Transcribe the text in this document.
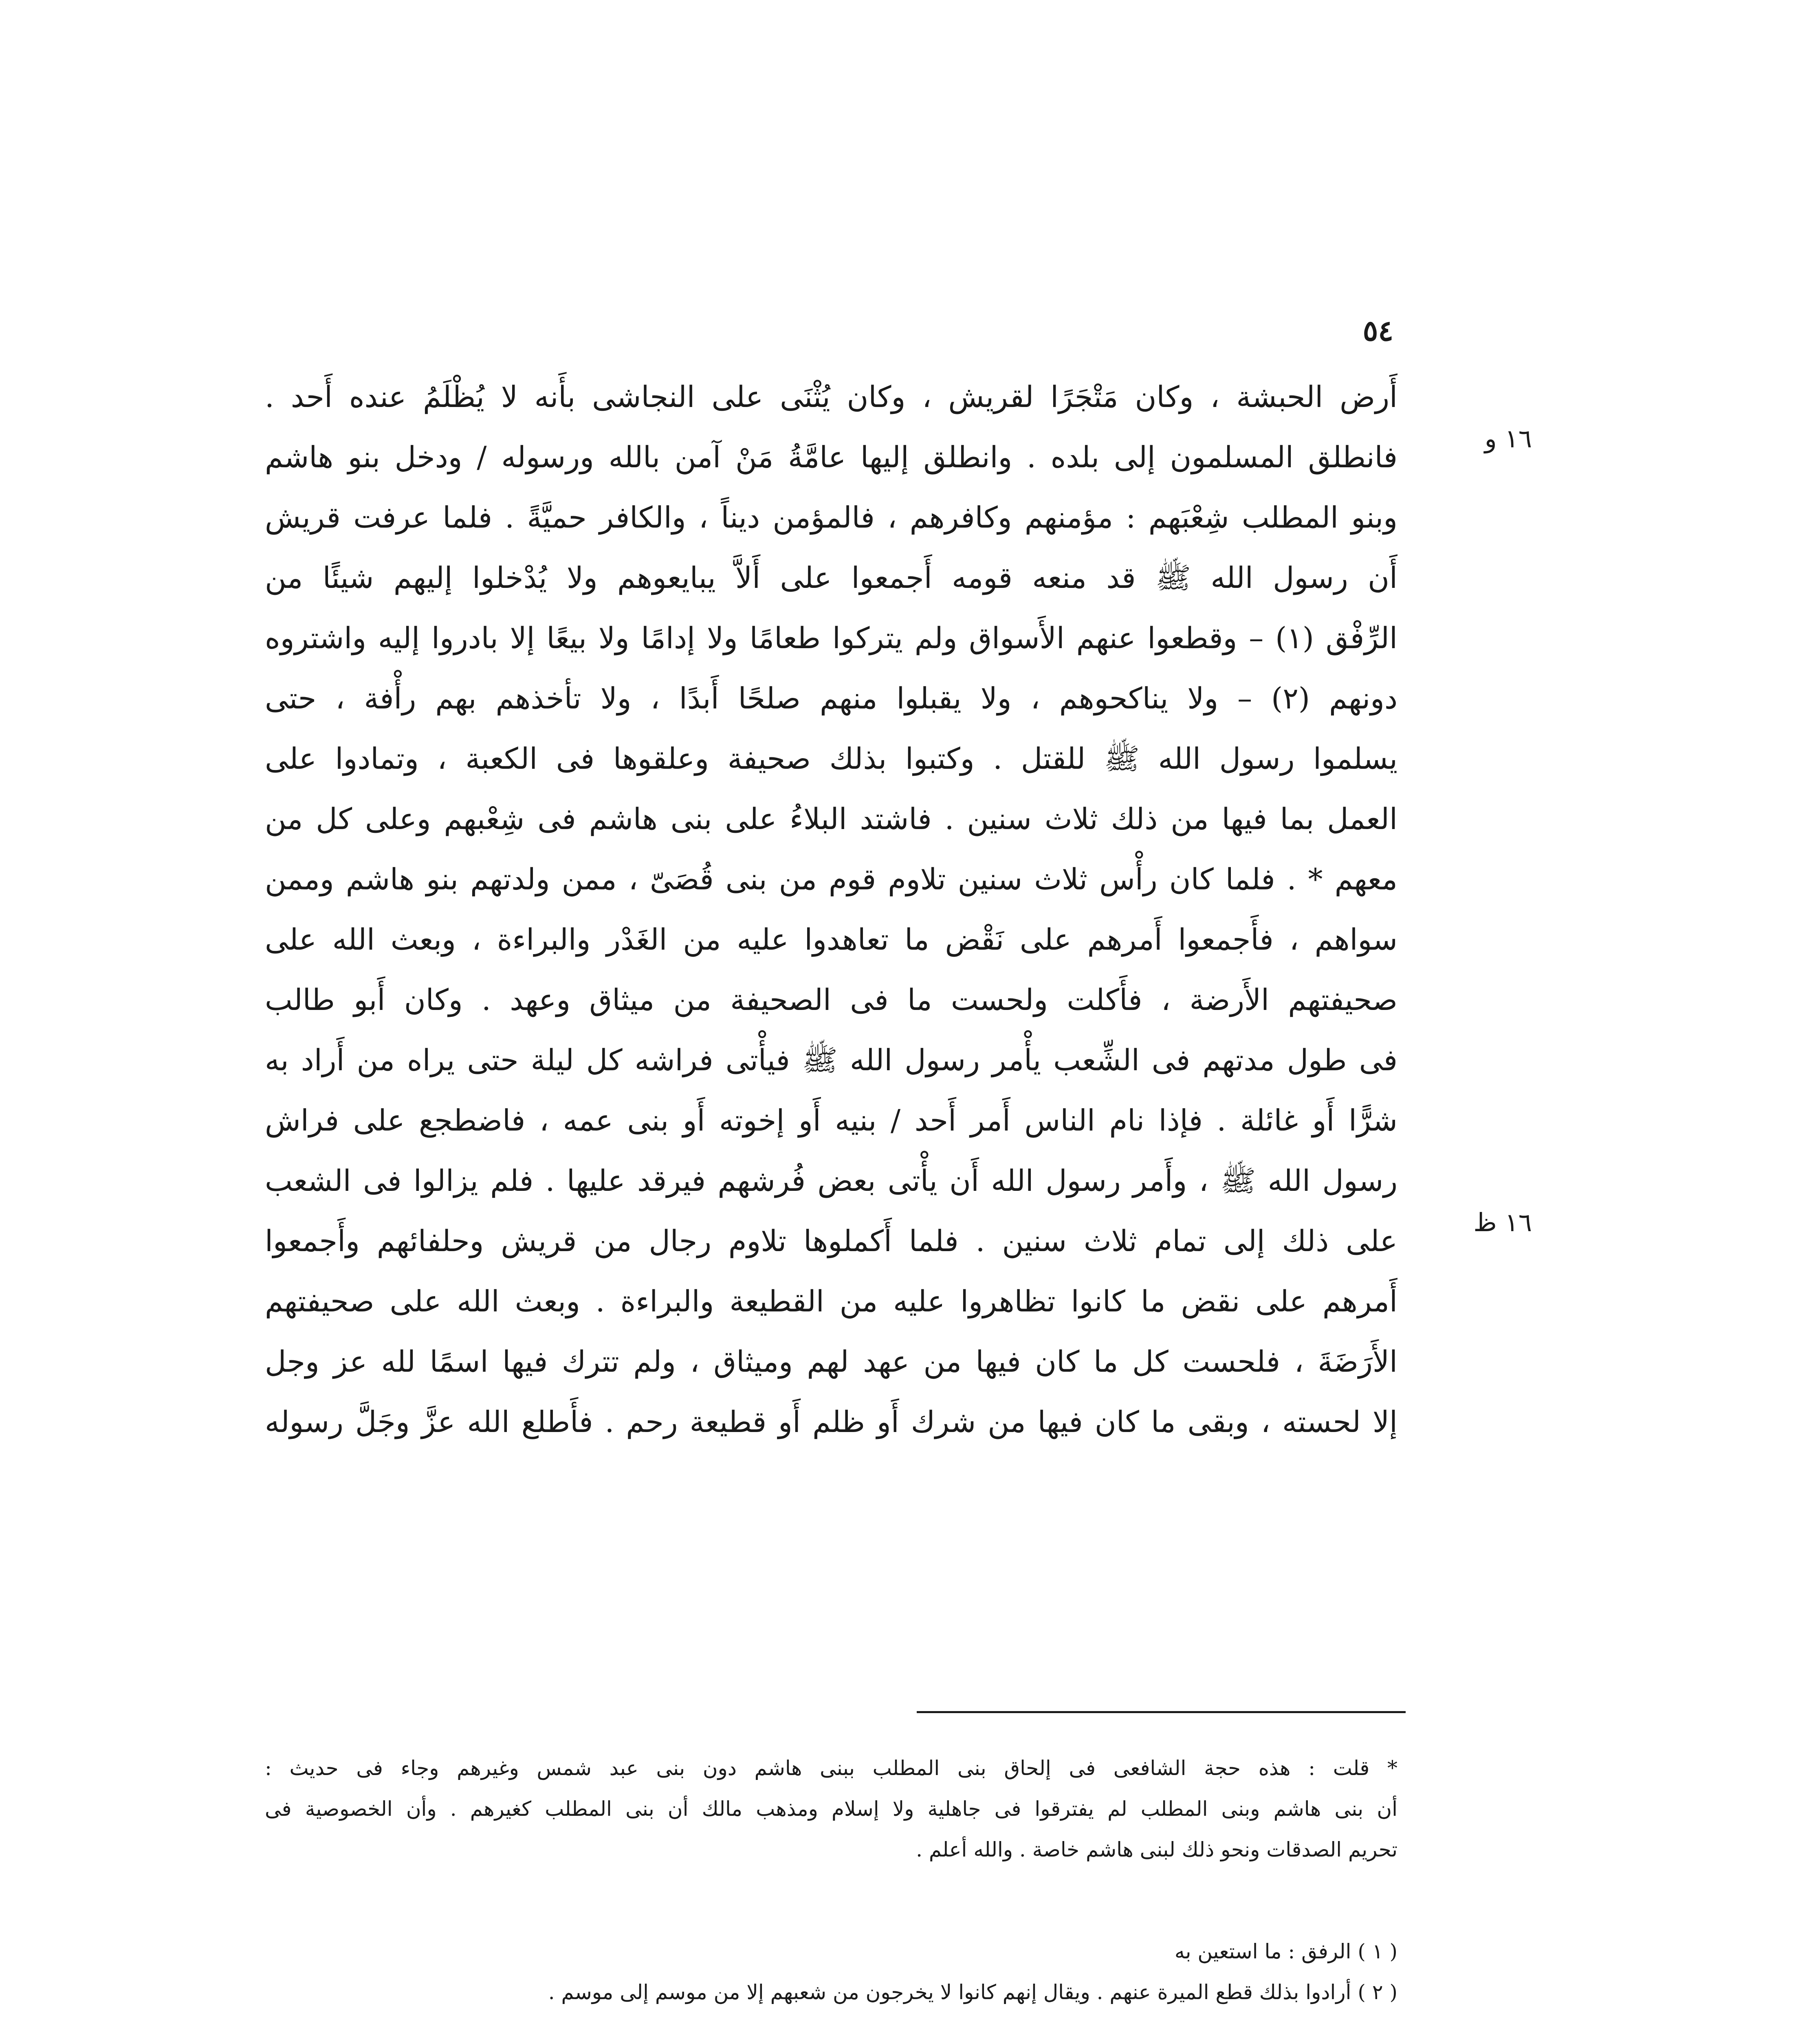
٥٤
١٦ و
١٦ ظ
أَرض الحبشة ، وكان مَتْجَرًا لقريش ، وكان يُثْنَى على النجاشى بأَنه لا يُظْلَمُ عنده أَحد .
فانطلق المسلمون إلى بلده . وانطلق إليها عامَّةُ مَنْ آمن بالله ورسوله / ودخل بنو هاشم
وبنو المطلب شِعْبَهم : مؤمنهم وكافرهم ، فالمؤمن ديناً ، والكافر حميَّةً . فلما عرفت قريش
أَن رسول الله ﷺ قد منعه قومه أَجمعوا على أَلاَّ يبايعوهم ولا يُدْخلوا إليهم شيئًا من
الرِّفْق (١) – وقطعوا عنهم الأَسواق ولم يتركوا طعامًا ولا إدامًا ولا بيعًا إلا بادروا إليه واشتروه
دونهم (٢) – ولا يناكحوهم ، ولا يقبلوا منهم صلحًا أَبدًا ، ولا تأخذهم بهم رأْفة ، حتى
يسلموا رسول الله ﷺ للقتل . وكتبوا بذلك صحيفة وعلقوها فى الكعبة ، وتمادوا على
العمل بما فيها من ذلك ثلاث سنين . فاشتد البلاءُ على بنى هاشم فى شِعْبهم وعلى كل من
معهم * . فلما كان رأْس ثلاث سنين تلاوم قوم من بنى قُصَىّ ، ممن ولدتهم بنو هاشم وممن
سواهم ، فأَجمعوا أَمرهم على نَقْض ما تعاهدوا عليه من الغَدْر والبراءة ، وبعث الله على
صحيفتهم الأَرضة ، فأَكلت ولحست ما فى الصحيفة من ميثاق وعهد . وكان أَبو طالب
فى طول مدتهم فى الشِّعب يأْمر رسول الله ﷺ فيأْتى فراشه كل ليلة حتى يراه من أَراد به
شرًّا أَو غائلة . فإذا نام الناس أَمر أَحد / بنيه أَو إخوته أَو بنى عمه ، فاضطجع على فراش
رسول الله ﷺ ، وأَمر رسول الله أَن يأْتى بعض فُرشهم فيرقد عليها . فلم يزالوا فى الشعب
على ذلك إلى تمام ثلاث سنين . فلما أَكملوها تلاوم رجال من قريش وحلفائهم وأَجمعوا
أَمرهم على نقض ما كانوا تظاهروا عليه من القطيعة والبراءة . وبعث الله على صحيفتهم
الأَرَضَةَ ، فلحست كل ما كان فيها من عهد لهم وميثاق ، ولم تترك فيها اسمًا لله عز وجل
إلا لحسته ، وبقى ما كان فيها من شرك أَو ظلم أَو قطيعة رحم . فأَطلع الله عزَّ وجَلَّ رسوله
* قلت : هذه حجة الشافعى فى إلحاق بنى المطلب ببنى هاشم دون بنى عبد شمس وغيرهم وجاء فى حديث :
أن بنى هاشم وبنى المطلب لم يفترقوا فى جاهلية ولا إسلام ومذهب مالك أن بنى المطلب كغيرهم . وأن الخصوصية فى
تحريم الصدقات ونحو ذلك لبنى هاشم خاصة . والله أعلم .
( ١ ) الرفق : ما استعين به
( ٢ ) أرادوا بذلك قطع الميرة عنهم . ويقال إنهم كانوا لا يخرجون من شعبهم إلا من موسم إلى موسم .
